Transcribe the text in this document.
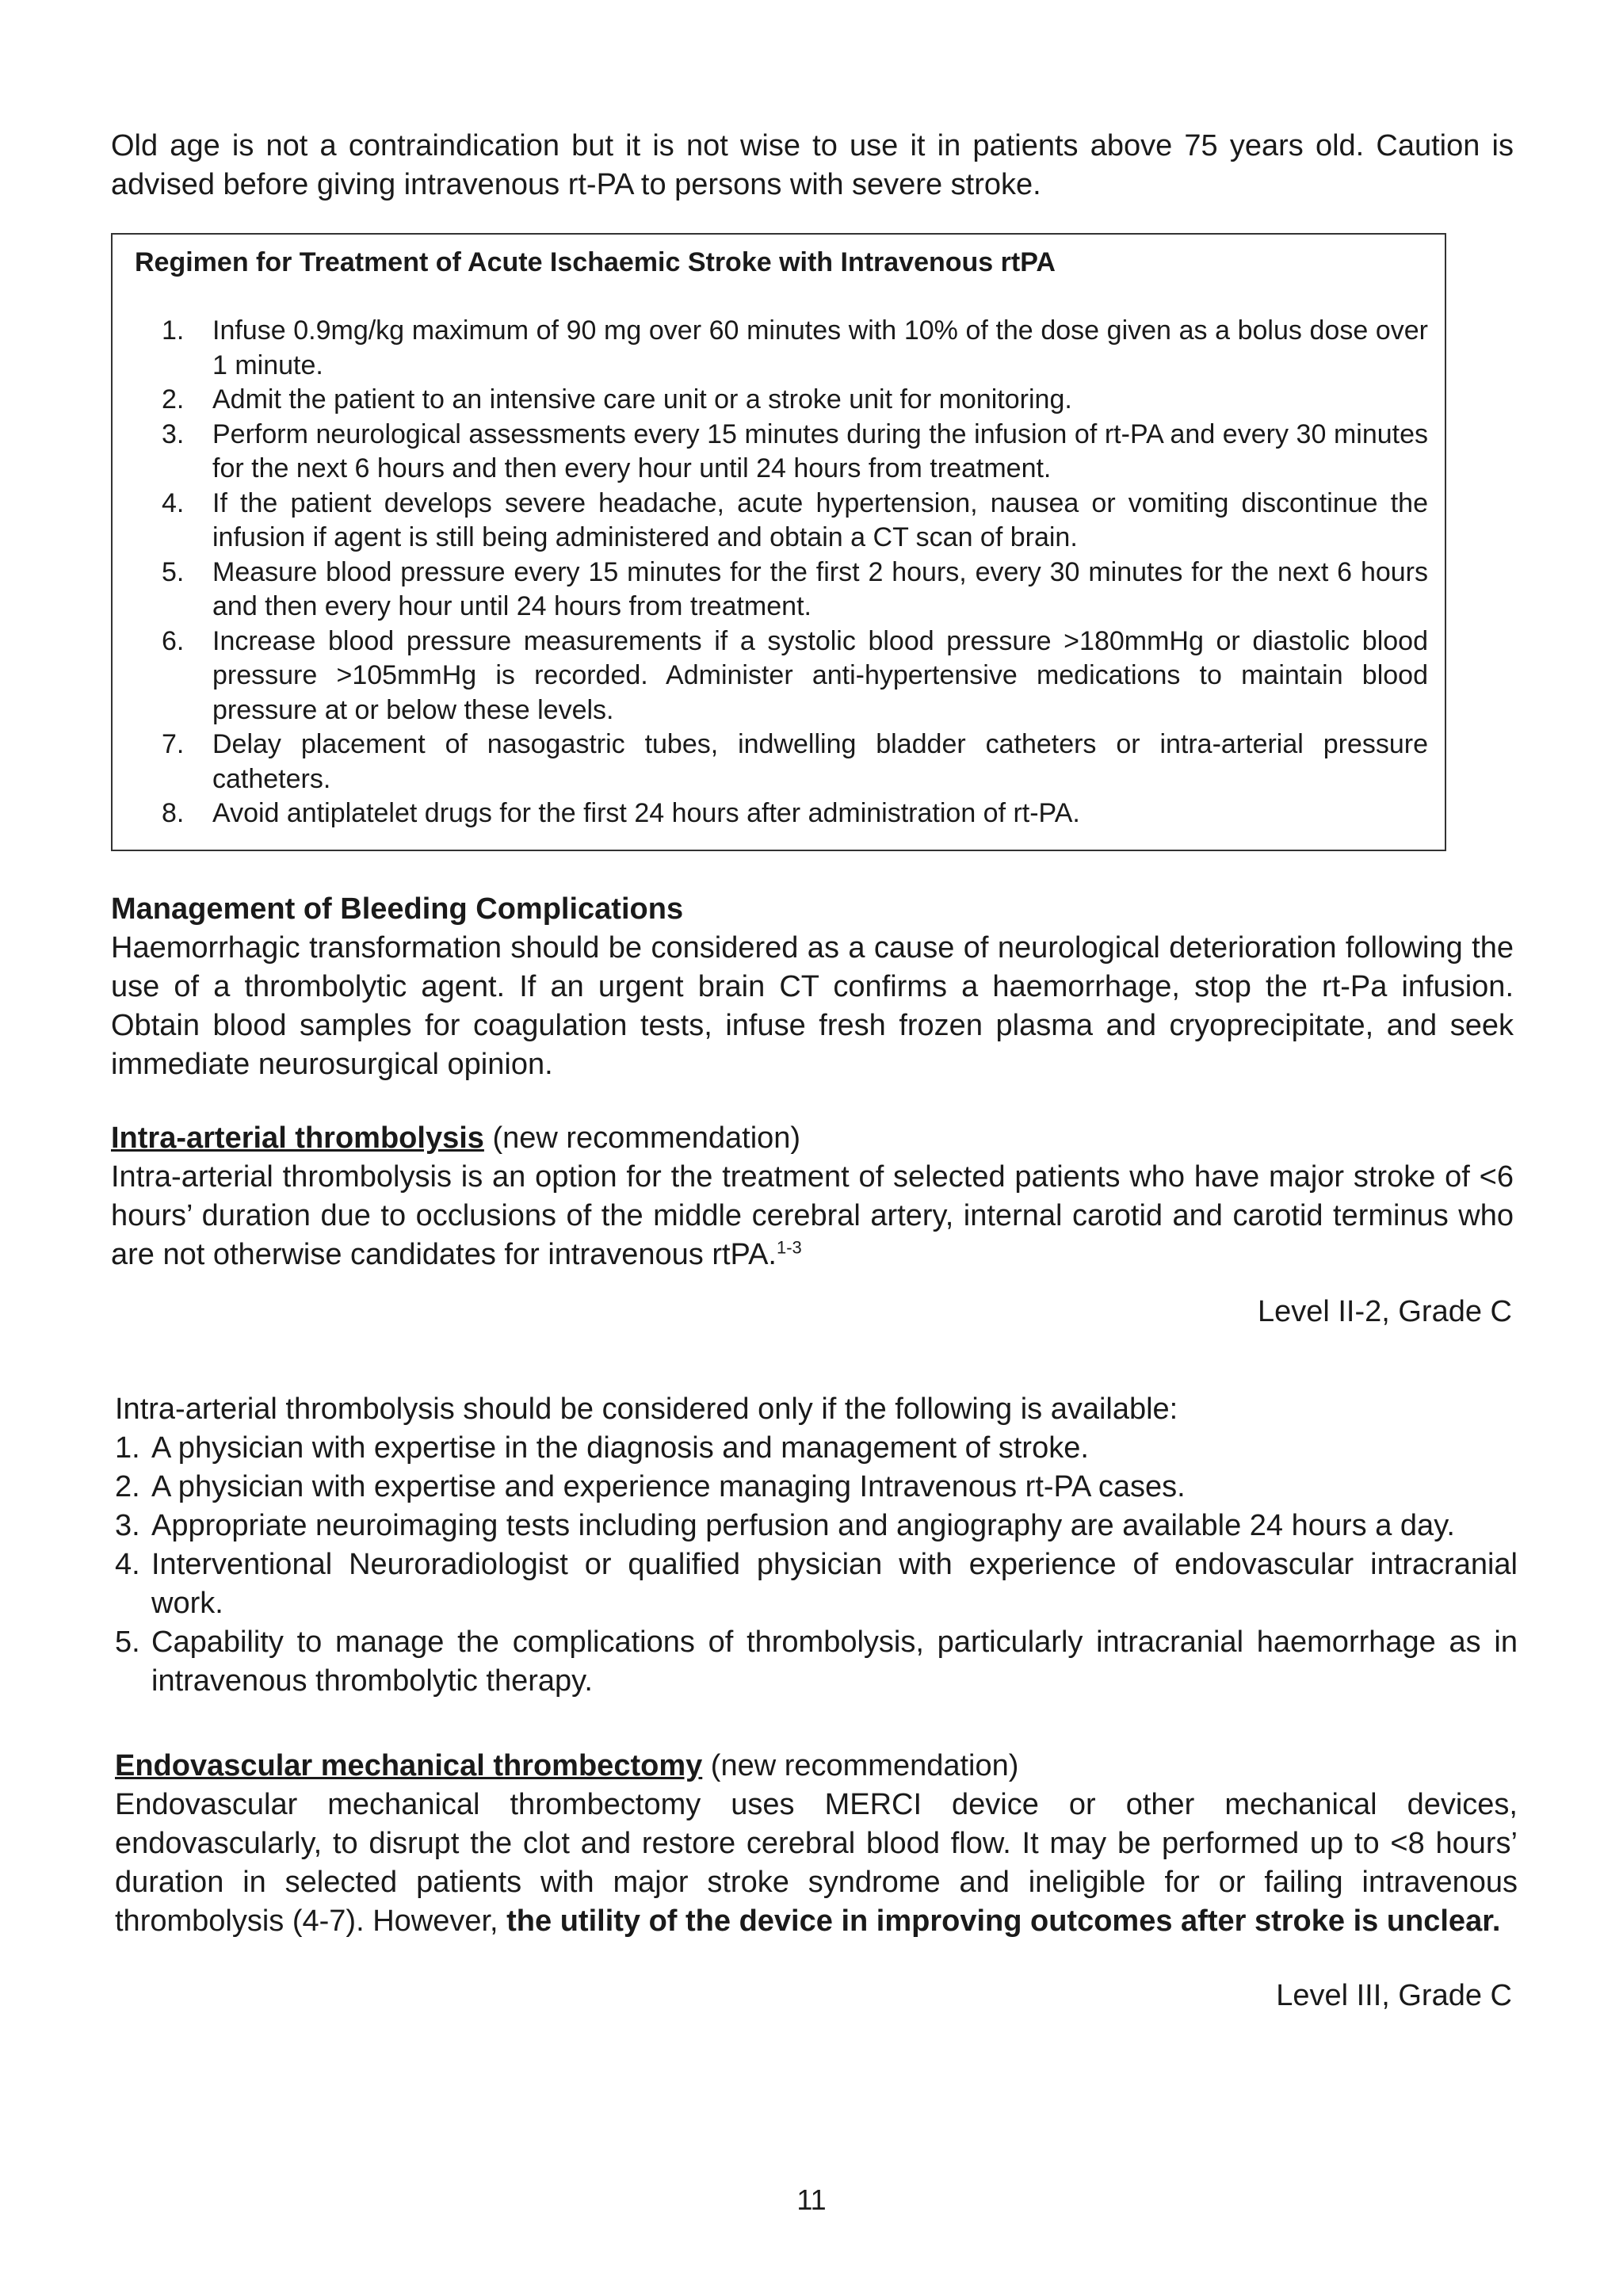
Old age is not a contraindication but it is not wise to use it in patients above 75 years old. Caution is advised before giving intravenous rt-PA to persons with severe stroke.

Regimen for Treatment of Acute Ischaemic Stroke with Intravenous rtPA

1. Infuse 0.9mg/kg maximum of 90 mg over 60 minutes with 10% of the dose given as a bolus dose over 1 minute.
2. Admit the patient to an intensive care unit or a stroke unit for monitoring.
3. Perform neurological assessments every 15 minutes during the infusion of rt-PA and every 30 minutes for the next 6 hours and then every hour until 24 hours from treatment.
4. If the patient develops severe headache, acute hypertension, nausea or vomiting discontinue the infusion if agent is still being administered and obtain a CT scan of brain.
5. Measure blood pressure every 15 minutes for the first 2 hours, every 30 minutes for the next 6 hours and then every hour until 24 hours from treatment.
6. Increase blood pressure measurements if a systolic blood pressure >180mmHg or diastolic blood pressure >105mmHg is recorded. Administer anti-hypertensive medications to maintain blood pressure at or below these levels.
7. Delay placement of nasogastric tubes, indwelling bladder catheters or intra-arterial pressure catheters.
8. Avoid antiplatelet drugs for the first 24 hours after administration of rt-PA.

Management of Bleeding Complications

Haemorrhagic transformation should be considered as a cause of neurological deterioration following the use of a thrombolytic agent. If an urgent brain CT confirms a haemorrhage, stop the rt-Pa infusion. Obtain blood samples for coagulation tests, infuse fresh frozen plasma and cryoprecipitate, and seek immediate neurosurgical opinion.

Intra-arterial thrombolysis (new recommendation)

Intra-arterial thrombolysis is an option for the treatment of selected patients who have major stroke of <6 hours’ duration due to occlusions of the middle cerebral artery, internal carotid and carotid terminus who are not otherwise candidates for intravenous rtPA.$^{1-3}$

Level II-2, Grade C

Intra-arterial thrombolysis should be considered only if the following is available:

1. A physician with expertise in the diagnosis and management of stroke.
2. A physician with expertise and experience managing Intravenous rt-PA cases.
3. Appropriate neuroimaging tests including perfusion and angiography are available 24 hours a day.
4. Interventional Neuroradiologist or qualified physician with experience of endovascular intracranial work.
5. Capability to manage the complications of thrombolysis, particularly intracranial haemorrhage as in intravenous thrombolytic therapy.

Endovascular mechanical thrombectomy (new recommendation)

Endovascular mechanical thrombectomy uses MERCI device or other mechanical devices, endovascularly, to disrupt the clot and restore cerebral blood flow. It may be performed up to <8 hours’ duration in selected patients with major stroke syndrome and ineligible for or failing intravenous thrombolysis (4-7). However, the utility of the device in improving outcomes after stroke is unclear.

Level III, Grade C

11
